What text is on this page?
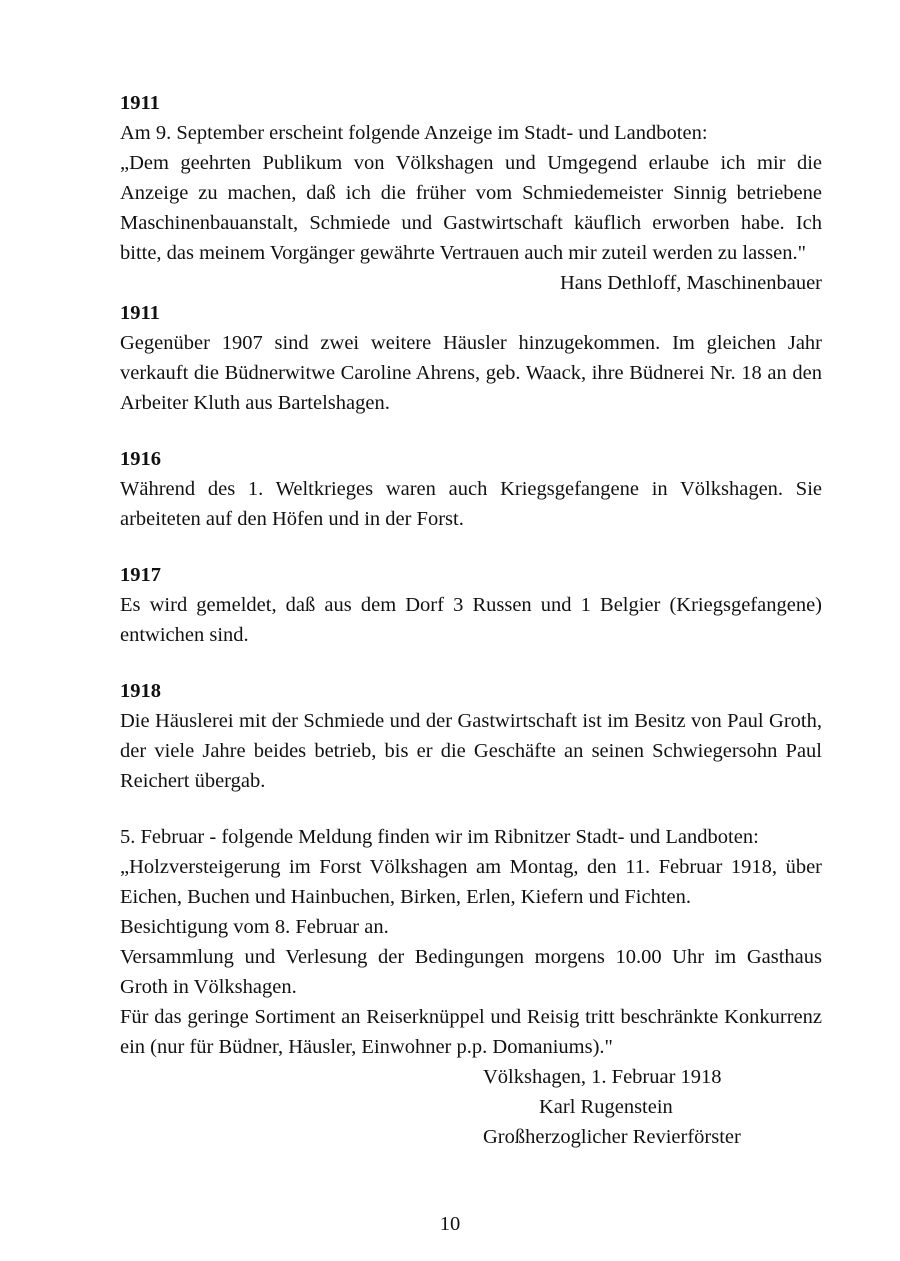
1911

Am 9. September erscheint folgende Anzeige im Stadt- und Landboten:

„Dem geehrten Publikum von Völkshagen und Umgegend erlaube ich mir die Anzeige zu machen, daß ich die früher vom Schmiedemeister Sinnig betriebene Maschinenbauanstalt, Schmiede und Gastwirtschaft käuflich erworben habe. Ich bitte, das meinem Vorgänger gewährte Vertrauen auch mir zuteil werden zu lassen."

Hans Dethloff, Maschinenbauer

1911

Gegenüber 1907 sind zwei weitere Häusler hinzugekommen. Im gleichen Jahr verkauft die Büdnerwitwe Caroline Ahrens, geb. Waack, ihre Büdnerei Nr. 18 an den Arbeiter Kluth aus Bartelshagen.

1916

Während des 1. Weltkrieges waren auch Kriegsgefangene in Völkshagen. Sie arbeiteten auf den Höfen und in der Forst.

1917

Es wird gemeldet, daß aus dem Dorf 3 Russen und 1 Belgier (Kriegsgefangene) entwichen sind.

1918

Die Häuslerei mit der Schmiede und der Gastwirtschaft ist im Besitz von Paul Groth, der viele Jahre beides betrieb, bis er die Geschäfte an seinen Schwiegersohn Paul Reichert übergab.

5. Februar - folgende Meldung finden wir im Ribnitzer Stadt- und Landboten:

„Holzversteigerung im Forst Völkshagen am Montag, den 11. Februar 1918, über Eichen, Buchen und Hainbuchen, Birken, Erlen, Kiefern und Fichten.

Besichtigung vom 8. Februar an.

Versammlung und Verlesung der Bedingungen morgens 10.00 Uhr im Gasthaus Groth in Völkshagen.

Für das geringe Sortiment an Reiserknüppel und Reisig tritt beschränkte Konkurrenz ein (nur für Büdner, Häusler, Einwohner p.p. Domaniums)."

Völkshagen, 1. Februar 1918

Karl Rugenstein

Großherzoglicher Revierförster

10
